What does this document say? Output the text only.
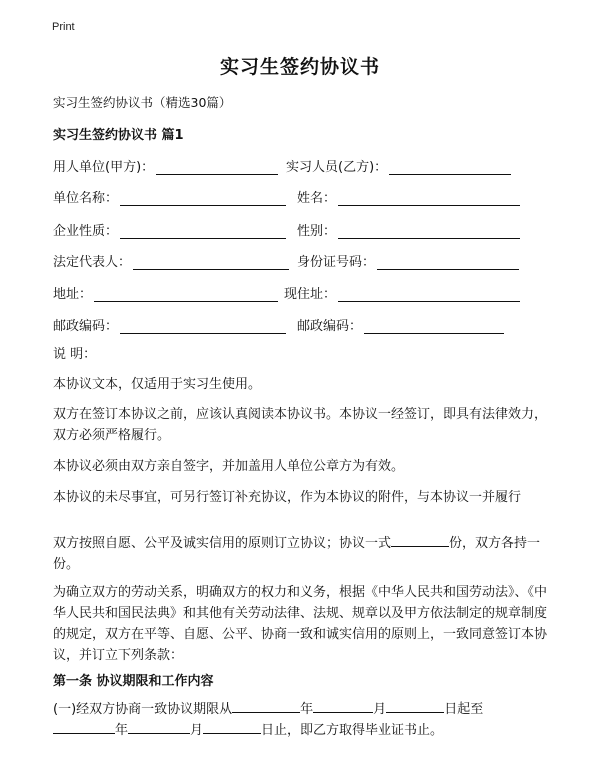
Print
实习生签约协议书
实习生签约协议书（精选30篇）
实习生签约协议书 篇1
用人单位(甲方)：	实习人员(乙方)：
单位名称：	姓名：
企业性质：	性别：
法定代表人：	身份证号码：
地址：	现住址：
邮政编码：	邮政编码：
说 明：
本协议文本，仅适用于实习生使用。
双方在签订本协议之前，应该认真阅读本协议书。本协议一经签订，即具有法律效力，双方必须严格履行。
本协议必须由双方亲自签字，并加盖用人单位公章方为有效。
本协议的未尽事宜，可另行签订补充协议，作为本协议的附件，与本协议一并履行
双方按照自愿、公平及诚实信用的原则订立协议；协议一式	份，双方各持一份。
为确立双方的劳动关系，明确双方的权力和义务，根据《中华人民共和国劳动法》、《中华人民共和国民法典》和其他有关劳动法律、法规、规章以及甲方依法制定的规章制度的规定，双方在平等、自愿、公平、协商一致和诚实信用的原则上，一致同意签订本协议，并订立下列条款：
第一条 协议期限和工作内容
(一)经双方协商一致协议期限从	年	月	日起至
年	月	日止，即乙方取得毕业证书止。
